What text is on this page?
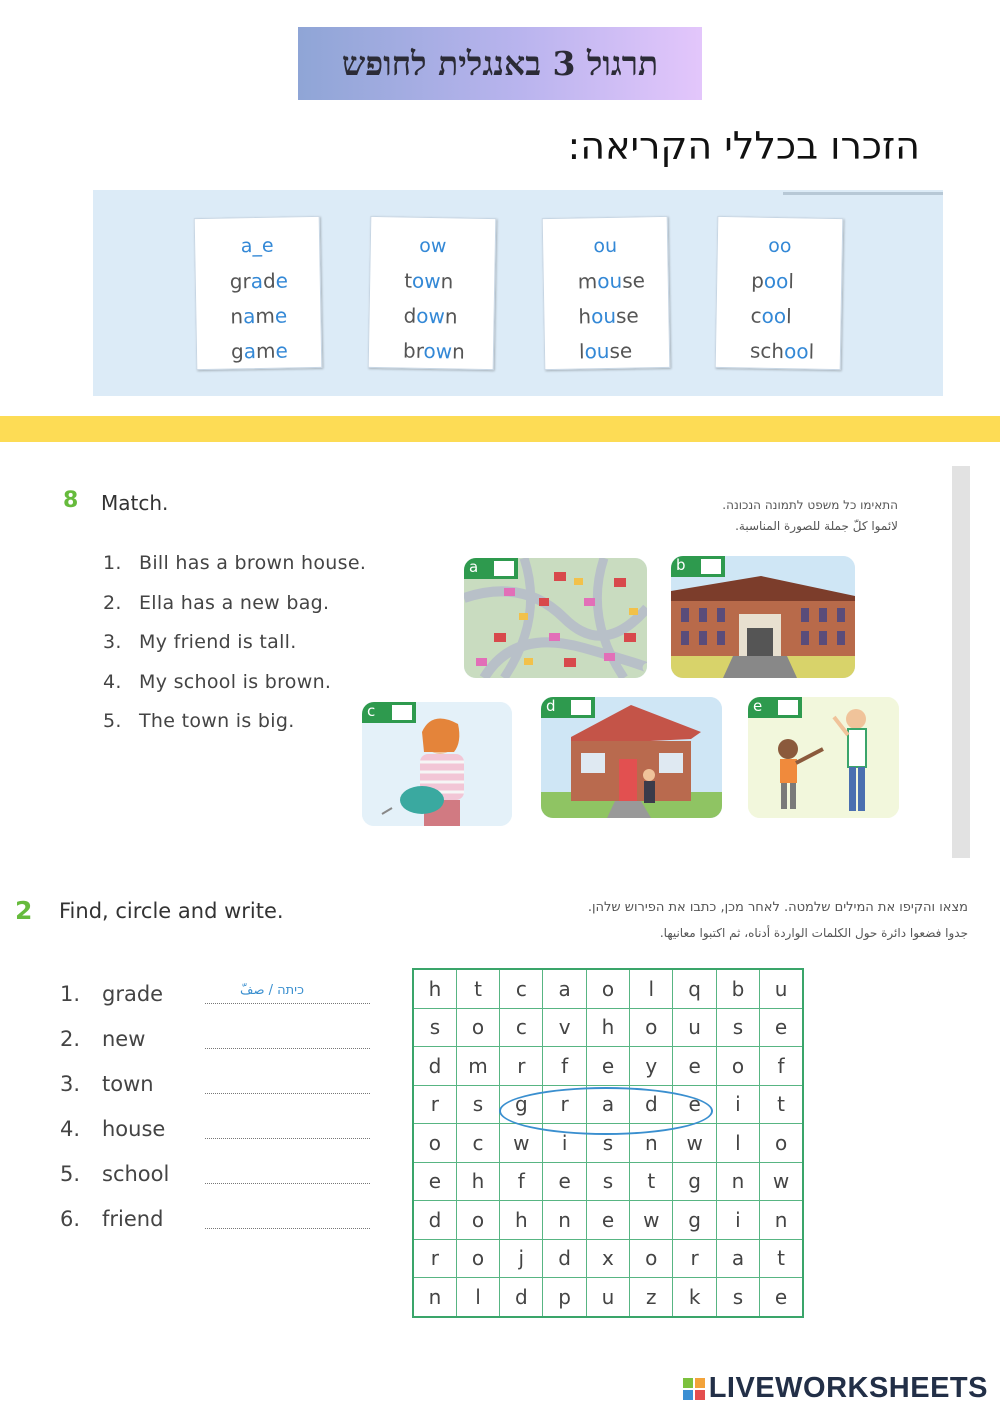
תרגול 3 באנגלית לחופש
הזכרו בכללי הקריאה:
a_e
grade
name
game
ow
town
down
brown
ou
mouse
house
louse
oo
pool
cool
school
8 Match.	התאימו כל משפט לתמונה הנכונה.
لائموا كلّ جملة للصورة المناسبة.
1. Bill has a brown house.
2. Ella has a new bag.
3. My friend is tall.
4. My school is brown.
5. The town is big.
a	b
c	d	e
2 Find, circle and write.	מצאו והקיפו את המילים שלמטה. לאחר מכן, כתבו את הפירוש שלהן.
جدوا فضعوا دائرة حول الكلمات الواردة أدناه، ثم اكتبوا معانيها.
1. grade	כיתה / صفّ
2. new
3. town
4. house
5. school
6. friend
h	t	c	a	o	l	q	b	u
s	o	c	v	h	o	u	s	e
d	m	r	f	e	y	e	o	f
r	s	g	r	a	d	e	i	t
o	c	w	i	s	n	w	l	o
e	h	f	e	s	t	g	n	w
d	o	h	n	e	w	g	i	n
r	o	j	d	x	o	r	a	t
n	l	d	p	u	z	k	s	e
LIVEWORKSHEETS
